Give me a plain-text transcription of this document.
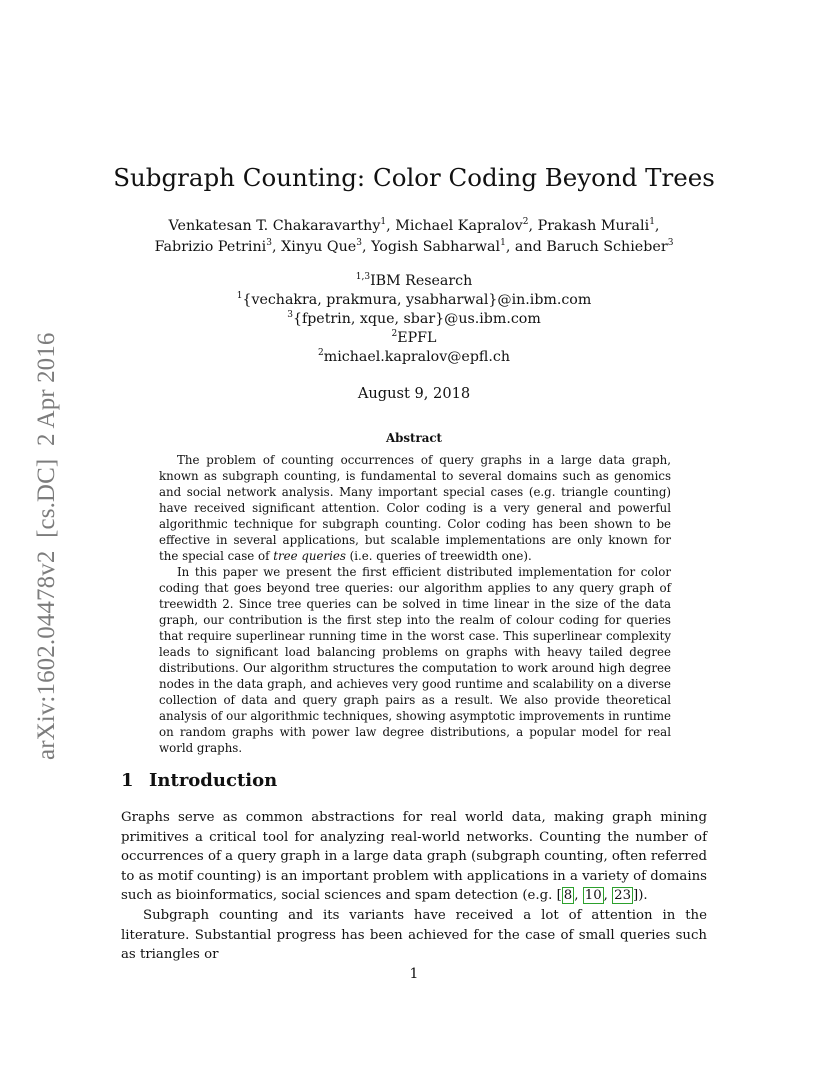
arXiv:1602.04478v2  [cs.DC]  2 Apr 2016
Subgraph Counting: Color Coding Beyond Trees
Venkatesan T. Chakaravarthy$^1$, Michael Kapralov$^2$, Prakash Murali$^1$,
Fabrizio Petrini$^3$, Xinyu Que$^3$, Yogish Sabharwal$^1$, and Baruch Schieber$^3$
$^{1,3}$IBM Research
$^1${vechakra, prakmura, ysabharwal}@in.ibm.com
$^3${fpetrin, xque, sbar}@us.ibm.com
$^2$EPFL
$^2$michael.kapralov@epfl.ch
August 9, 2018
Abstract

The problem of counting occurrences of query graphs in a large data graph, known as subgraph counting, is fundamental to several domains such as genomics and social network analysis. Many important special cases (e.g. triangle counting) have received significant attention. Color coding is a very general and powerful algorithmic technique for subgraph counting. Color coding has been shown to be effective in several applications, but scalable implementations are only known for the special case of tree queries (i.e. queries of treewidth one).

In this paper we present the first efficient distributed implementation for color coding that goes beyond tree queries: our algorithm applies to any query graph of treewidth 2. Since tree queries can be solved in time linear in the size of the data graph, our contribution is the first step into the realm of colour coding for queries that require superlinear running time in the worst case. This superlinear complexity leads to significant load balancing problems on graphs with heavy tailed degree distributions. Our algorithm structures the computation to work around high degree nodes in the data graph, and achieves very good runtime and scalability on a diverse collection of data and query graph pairs as a result. We also provide theoretical analysis of our algorithmic techniques, showing asymptotic improvements in runtime on random graphs with power law degree distributions, a popular model for real world graphs.

1 Introduction

Graphs serve as common abstractions for real world data, making graph mining primitives a critical tool for analyzing real-world networks. Counting the number of occurrences of a query graph in a large data graph (subgraph counting, often referred to as motif counting) is an important problem with applications in a variety of domains such as bioinformatics, social sciences and spam detection (e.g. [ 8 , 10 , 23 ]).

Subgraph counting and its variants have received a lot of attention in the literature. Substantial progress has been achieved for the case of small queries such as triangles or

1
